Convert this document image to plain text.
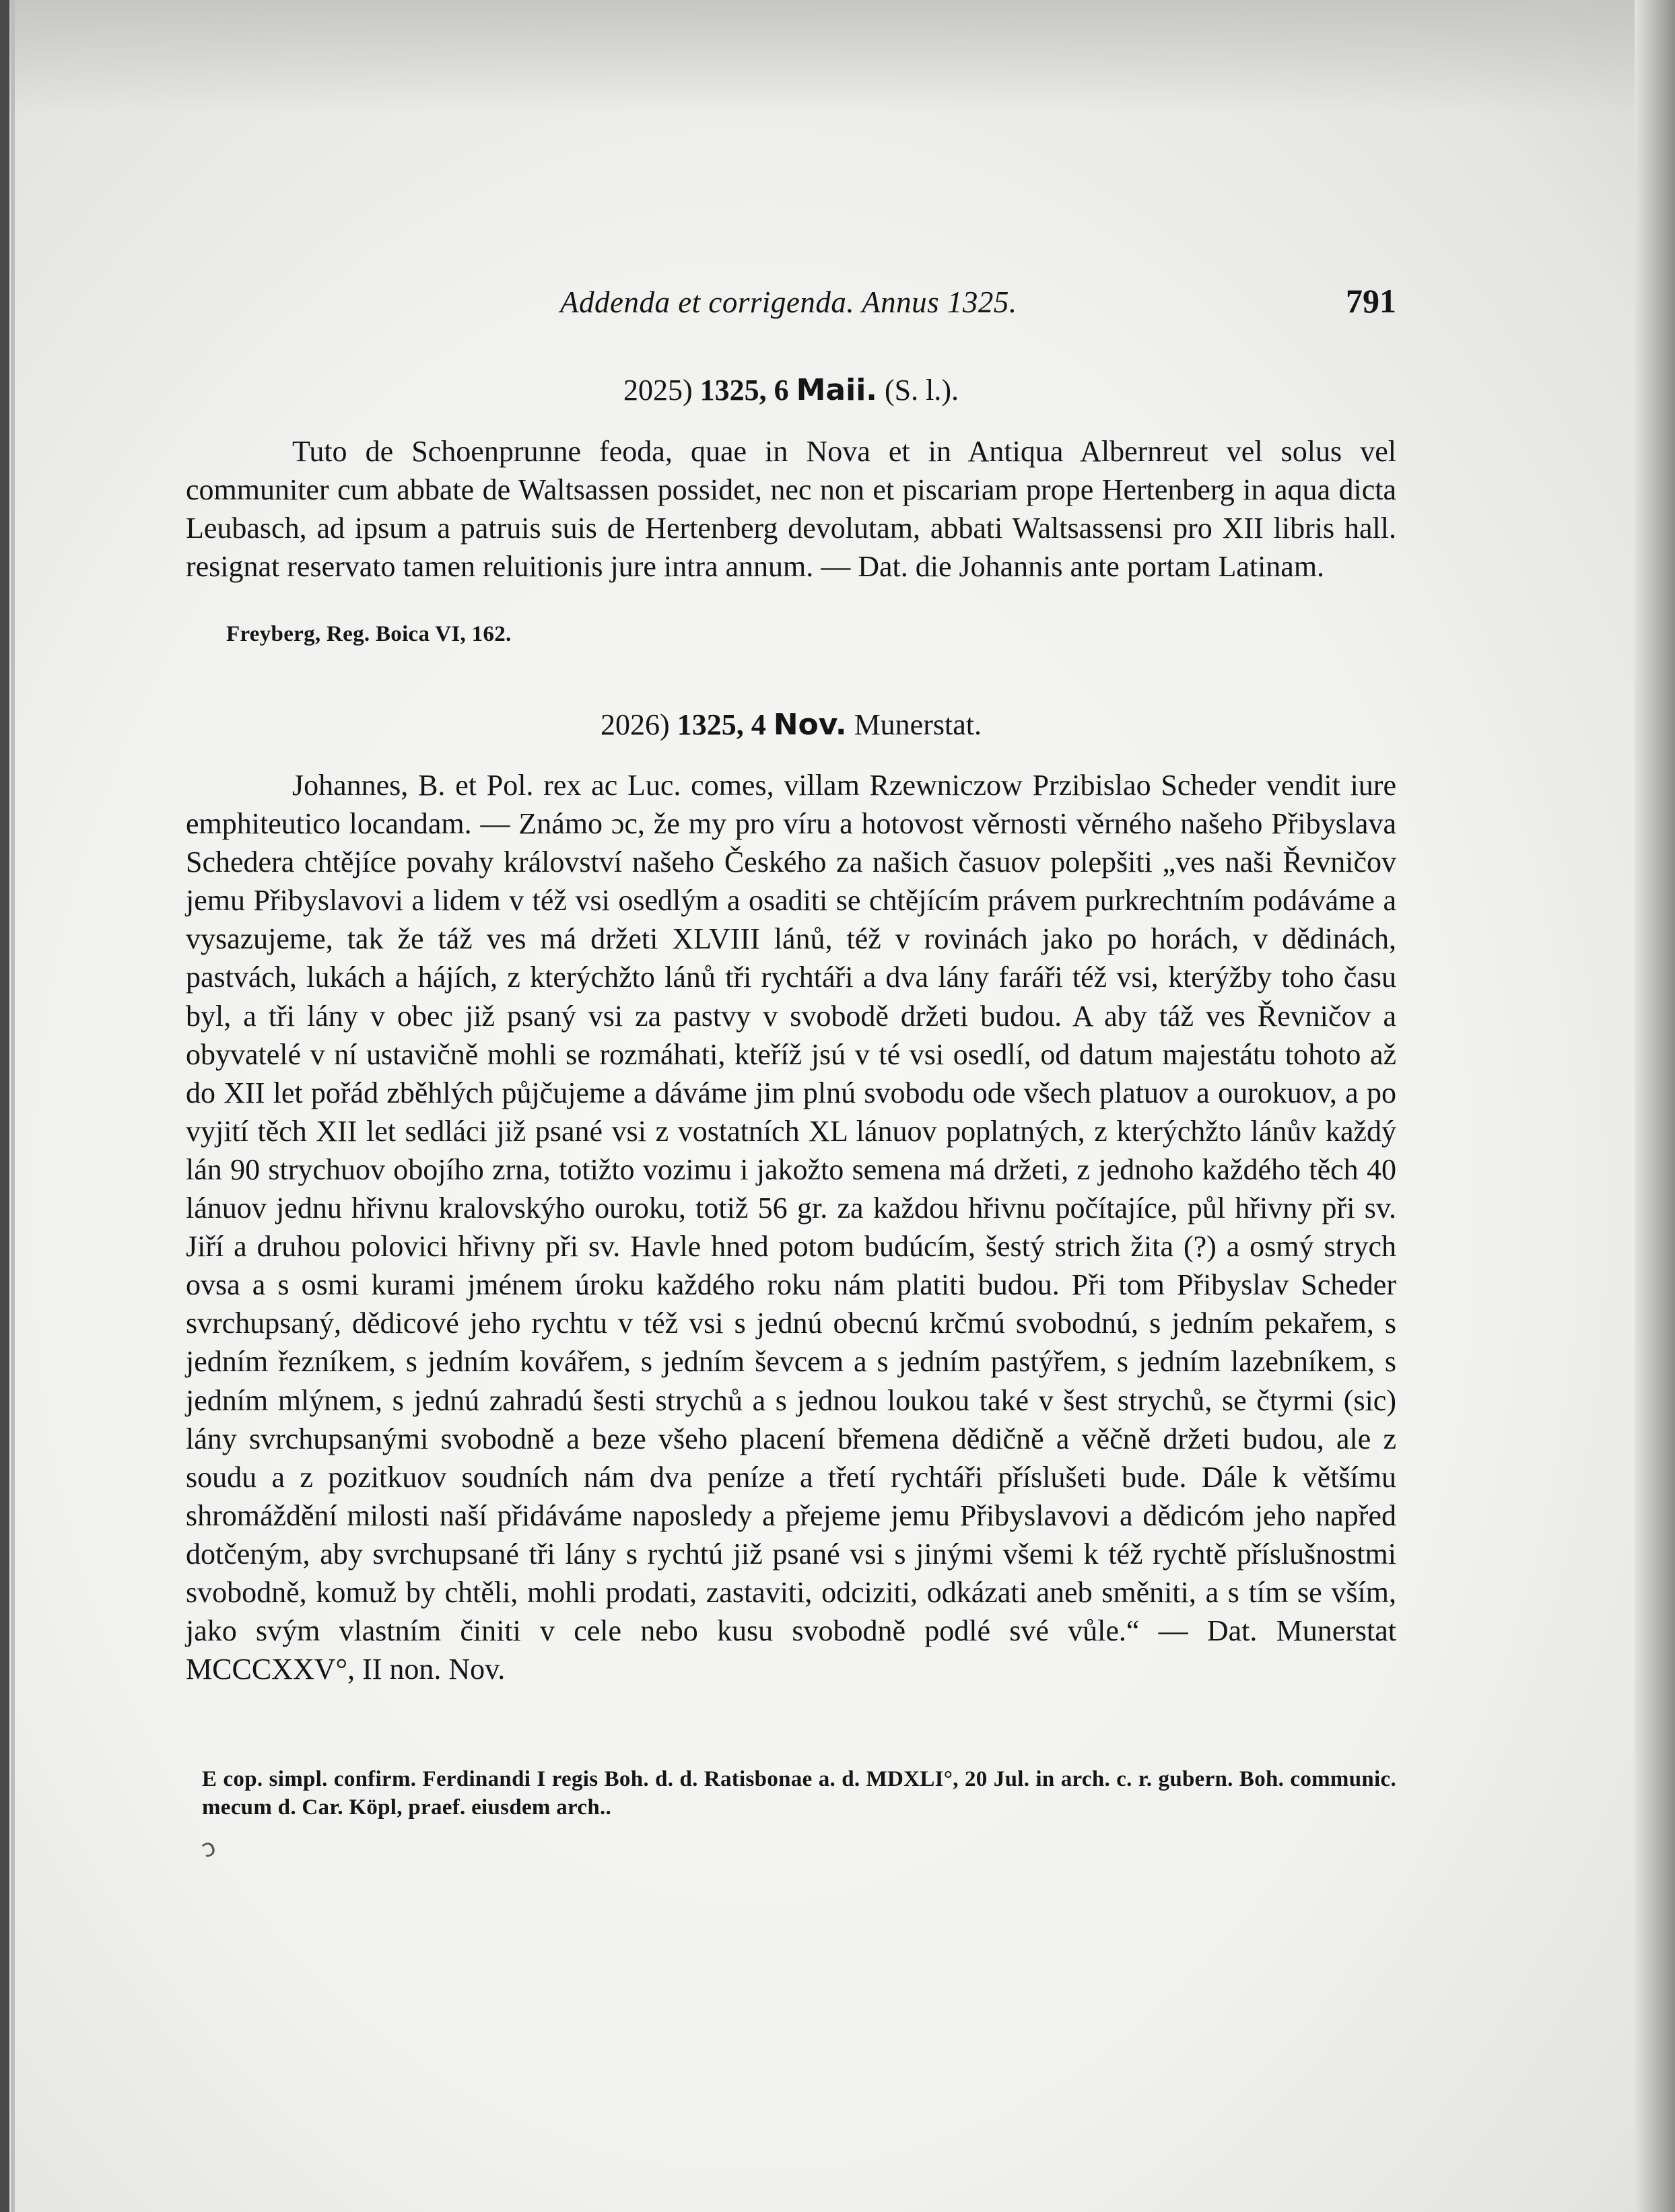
Addenda et corrigenda. Annus 1325.	791
2025) 1325, 6 Maii. (S. l.).
Tuto de Schoenprunne feoda, quae in Nova et in Antiqua Albernreut vel solus vel communiter cum abbate de Waltsassen possidet, nec non et piscariam prope Hertenberg in aqua dicta Leubasch, ad ipsum a patruis suis de Hertenberg devolutam, abbati Waltsassensi pro XII libris hall. resignat reservato tamen reluitionis jure intra annum. — Dat. die Johannis ante portam Latinam.
Freyberg, Reg. Boica VI, 162.
2026) 1325, 4 Nov. Munerstat.
Johannes, B. et Pol. rex ac Luc. comes, villam Rzewniczow Przibislao Scheder vendit iure emphiteutico locandam. — Známo ɔc, že my pro víru a hotovost věrnosti věrného našeho Přibyslava Schedera chtějíce povahy království našeho Českého za našich časuov polepšiti „ves naši Řevničov jemu Přibyslavovi a lidem v též vsi osedlým a osaditi se chtějícím právem purkrechtním podáváme a vysazujeme, tak že táž ves má držeti XLVIII lánů, též v rovinách jako po horách, v dědinách, pastvách, lukách a hájích, z kterýchžto lánů tři rychtáři a dva lány faráři též vsi, kterýžby toho času byl, a tři lány v obec již psaný vsi za pastvy v svobodě držeti budou. A aby táž ves Řevničov a obyvatelé v ní ustavičně mohli se rozmáhati, kteříž jsú v té vsi osedlí, od datum majestátu tohoto až do XII let pořád zběhlých půjčujeme a dáváme jim plnú svobodu ode všech platuov a ourokuov, a po vyjití těch XII let sedláci již psané vsi z vostatních XL lánuov poplatných, z kterýchžto lánův každý lán 90 strychuov obojího zrna, totižto vozimu i jakožto semena má držeti, z jednoho každého těch 40 lánuov jednu hřivnu kralovskýho ouroku, totiž 56 gr. za každou hřivnu počítajíce, půl hřivny při sv. Jiří a druhou polovici hřivny při sv. Havle hned potom budúcím, šestý strich žita (?) a osmý strych ovsa a s osmi kurami jménem úroku každého roku nám platiti budou. Při tom Přibyslav Scheder svrchupsaný, dědicové jeho rychtu v též vsi s jednú obecnú krčmú svobodnú, s jedním pekařem, s jedním řezníkem, s jedním kovářem, s jedním ševcem a s jedním pastýřem, s jedním lazebníkem, s jedním mlýnem, s jednú zahradú šesti strychů a s jednou loukou také v šest strychů, se čtyrmi (sic) lány svrchupsanými svobodně a beze všeho placení břemena dědičně a věčně držeti budou, ale z soudu a z pozitkuov soudních nám dva peníze a třetí rychtáři příslušeti bude. Dále k většímu shromáždění milosti naší přidáváme naposledy a přejeme jemu Přibyslavovi a dědicóm jeho napřed dotčeným, aby svrchupsané tři lány s rychtú již psané vsi s jinými všemi k též rychtě příslušnostmi svobodně, komuž by chtěli, mohli prodati, zastaviti, odciziti, odkázati aneb směniti, a s tím se vším, jako svým vlastním činiti v cele nebo kusu svobodně podlé své vůle.“ — Dat. Munerstat MCCCXXV°, II non. Nov.
E cop. simpl. confirm. Ferdinandi I regis Boh. d. d. Ratisbonae a. d. MDXLI°, 20 Jul. in arch. c. r. gubern. Boh. communic. mecum d. Car. Köpl, praef. eiusdem arch..
ↄ
